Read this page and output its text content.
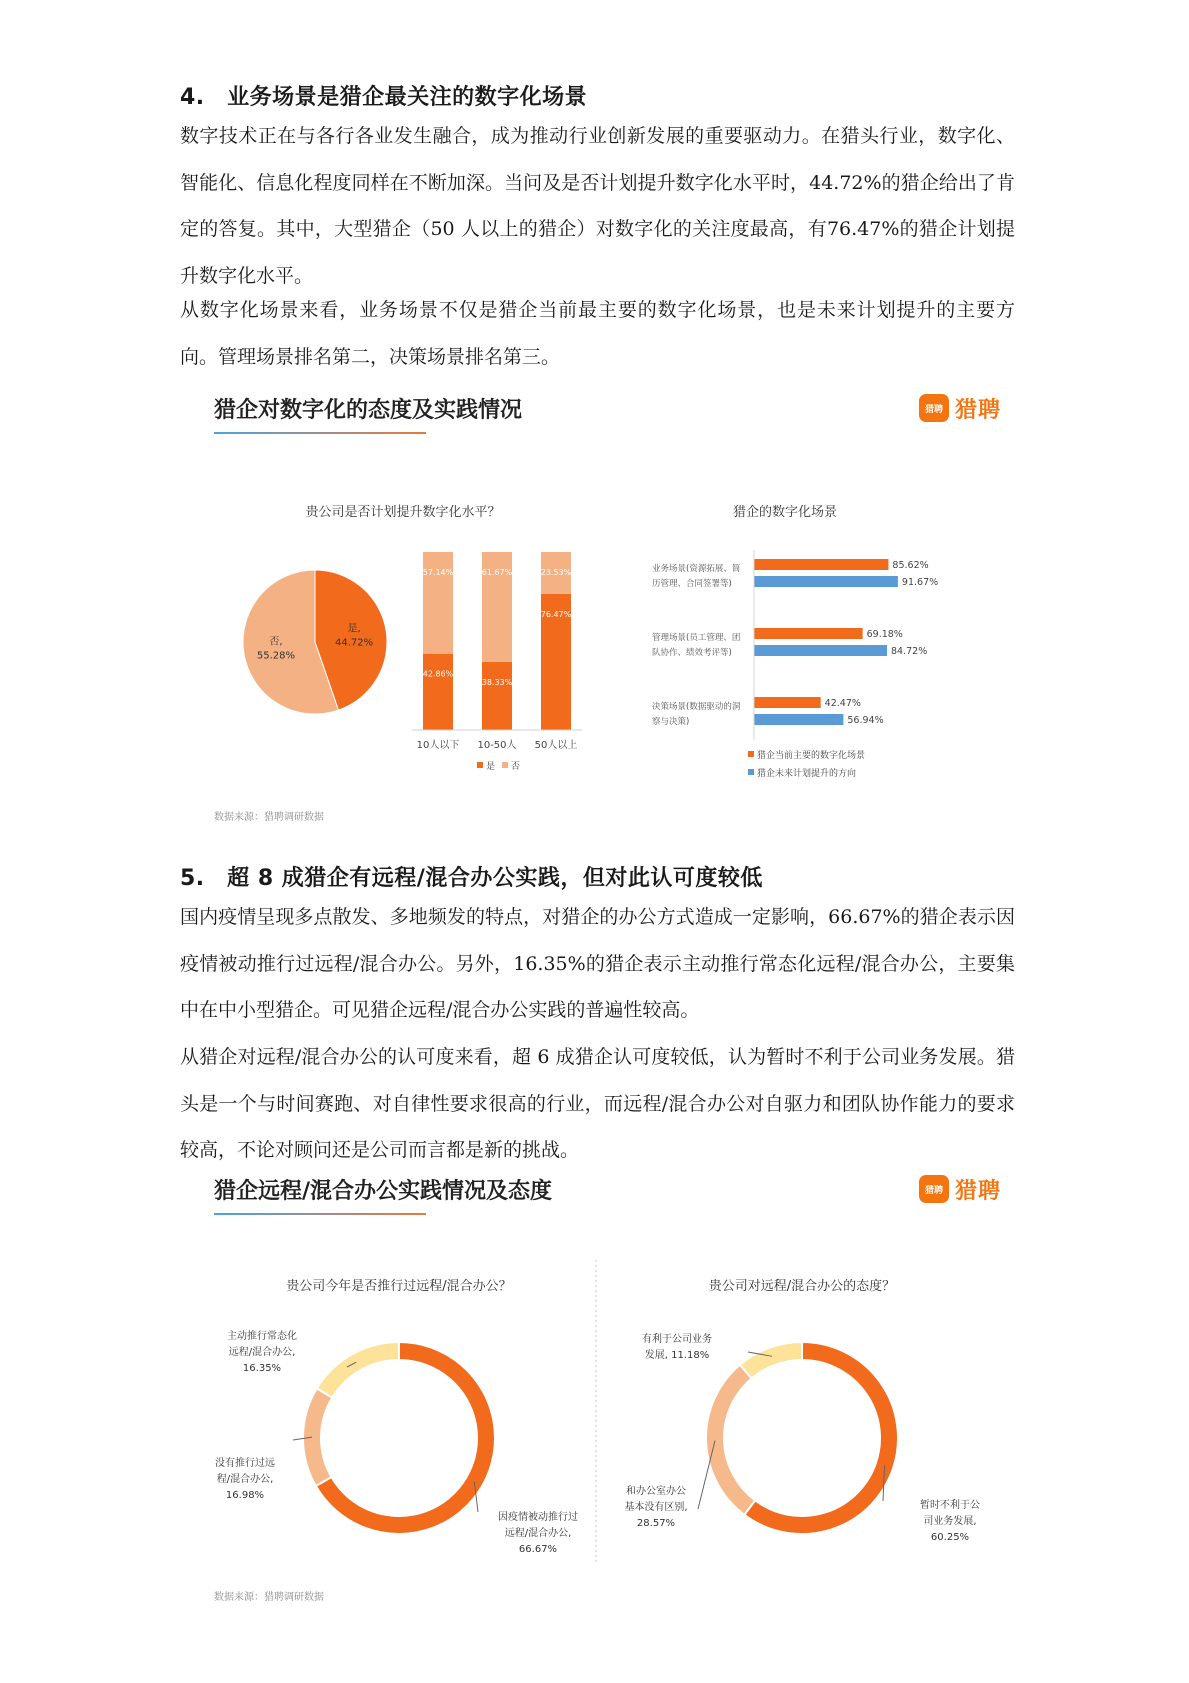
4.　业务场景是猎企最关注的数字化场景

数字技术正在与各行各业发生融合，成为推动行业创新发展的重要驱动力。在猎头行业，数字化、智能化、信息化程度同样在不断加深。当问及是否计划提升数字化水平时，44.72%的猎企给出了肯定的答复。其中，大型猎企（50 人以上的猎企）对数字化的关注度最高，有76.47%的猎企计划提升数字化水平。

从数字化场景来看，业务场景不仅是猎企当前最主要的数字化场景，也是未来计划提升的主要方向。管理场景排名第二，决策场景排名第三。

猎企对数字化的态度及实践情况	猎聘 猎聘
贵公司是否计划提升数字化水平？
是,
44.72%
否,
55.28%
42.86%
57.14%
10人以下
38.33%
61.67%
10-50人
76.47%
23.53%
50人以上
是 否
猎企的数字化场景
业务场景(资源拓展、简
历管理、合同签署等)
85.62%
91.67%
管理场景(员工管理、团
队协作、绩效考评等)
69.18%
84.72%
决策场景(数据驱动的洞
察与决策)
42.47%
56.94%
猎企当前主要的数字化场景
猎企未来计划提升的方向
数据来源：猎聘调研数据
5.　超 8 成猎企有远程/混合办公实践，但对此认可度较低

国内疫情呈现多点散发、多地频发的特点，对猎企的办公方式造成一定影响，66.67%的猎企表示因疫情被动推行过远程/混合办公。另外，16.35%的猎企表示主动推行常态化远程/混合办公，主要集中在中小型猎企。可见猎企远程/混合办公实践的普遍性较高。

从猎企对远程/混合办公的认可度来看，超 6 成猎企认可度较低，认为暂时不利于公司业务发展。猎头是一个与时间赛跑、对自律性要求很高的行业，而远程/混合办公对自驱力和团队协作能力的要求较高，不论对顾问还是公司而言都是新的挑战。

猎企远程/混合办公实践情况及态度	猎聘 猎聘
因疫情被动推行过
远程/混合办公,
66.67%
没有推行过远
程/混合办公,
16.98%
主动推行常态化
远程/混合办公,
16.35%
贵公司今年是否推行过远程/混合办公？
暂时不利于公
司业务发展,
60.25%
和办公室办公
基本没有区别,
28.57%
有利于公司业务
发展, 11.18%
贵公司对远程/混合办公的态度？
数据来源：猎聘调研数据
